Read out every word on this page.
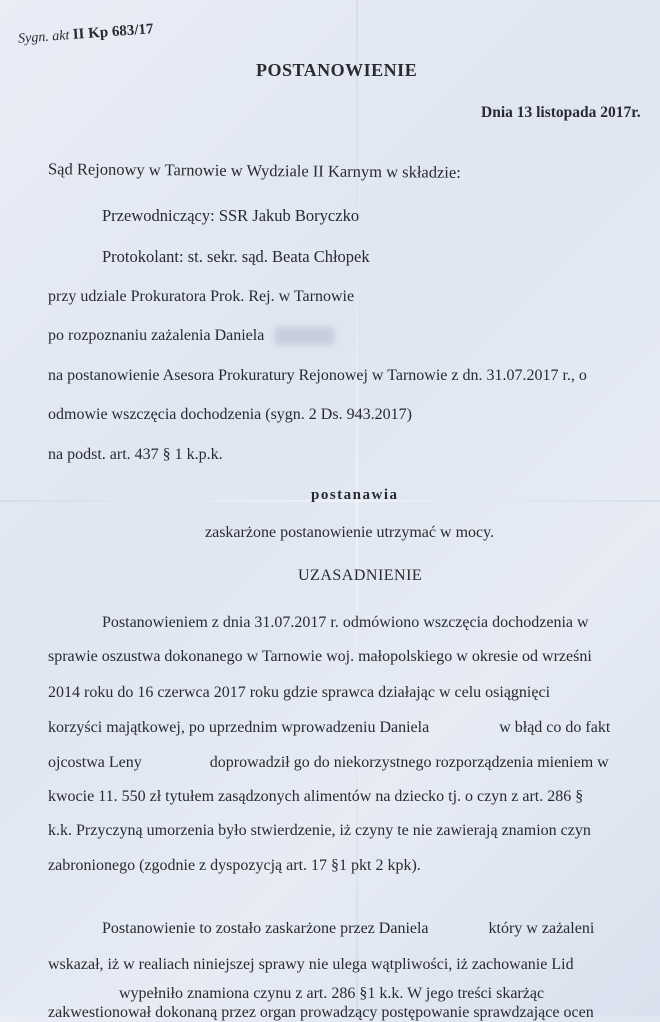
Sygn. akt II Kp 683/17
POSTANOWIENIE
Dnia 13 listopada 2017r.
Sąd Rejonowy w Tarnowie w Wydziale II Karnym w składzie:
Przewodniczący: SSR Jakub Boryczko
Protokolant: st. sekr. sąd. Beata Chłopek
przy udziale Prokuratora Prok. Rej. w Tarnowie
po rozpoznaniu zażalenia Daniela
na postanowienie Asesora Prokuratury Rejonowej w Tarnowie z dn. 31.07.2017 r., o
odmowie wszczęcia dochodzenia (sygn. 2 Ds. 943.2017)
na podst. art. 437 § 1 k.p.k.
postanawia
zaskarżone postanowienie utrzymać w mocy.
UZASADNIENIE
Postanowieniem z dnia 31.07.2017 r. odmówiono wszczęcia dochodzenia w
sprawie oszustwa dokonanego w Tarnowie woj. małopolskiego w okresie od wrześni
2014 roku do 16 czerwca 2017 roku gdzie sprawca działając w celu osiągnięci
korzyści majątkowej, po uprzednim wprowadzeniu Daniela	w błąd co do fakt
ojcostwa Leny	doprowadził go do niekorzystnego rozporządzenia mieniem w
kwocie 11. 550 zł tytułem zasądzonych alimentów na dziecko tj. o czyn z art. 286 §
k.k. Przyczyną umorzenia było stwierdzenie, iż czyny te nie zawierają znamion czyn
zabronionego (zgodnie z dyspozycją art. 17 §1 pkt 2 kpk).
Postanowienie to zostało zaskarżone przez Daniela	który w zażaleni
wskazał, iż w realiach niniejszej sprawy nie ulega wątpliwości, iż zachowanie Lid
wypełniło znamiona czynu z art. 286 §1 k.k. W jego treści skarżąc
zakwestionował dokonaną przez organ prowadzący postępowanie sprawdzające ocen
